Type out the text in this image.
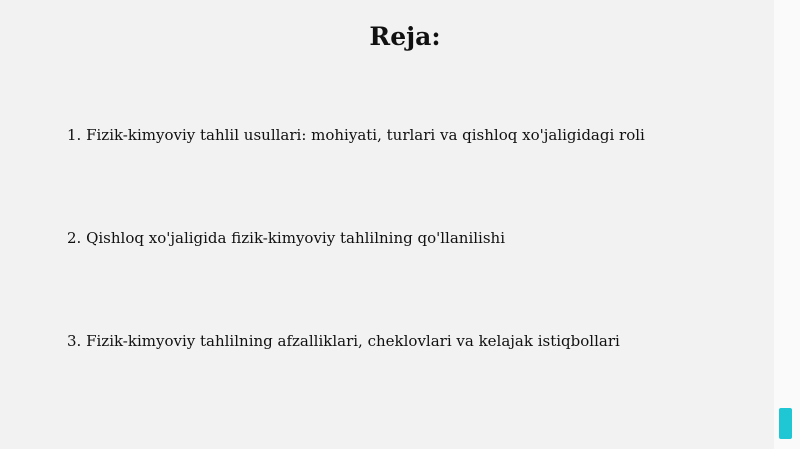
Reja:
1. Fizik-kimyoviy tahlil usullari: mohiyati, turlari va qishloq xo'jaligidagi roli
2. Qishloq xo'jaligida fizik-kimyoviy tahlilning qo'llanilishi
3. Fizik-kimyoviy tahlilning afzalliklari, cheklovlari va kelajak istiqbollari
